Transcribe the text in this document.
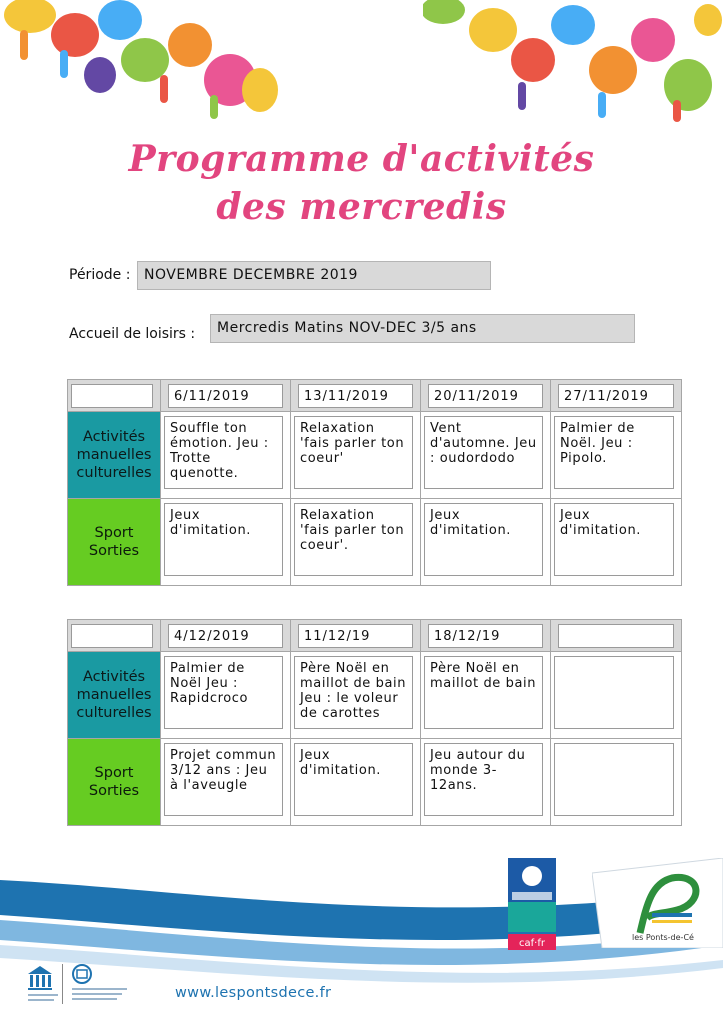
Programme d'activités
des mercredis
Période : NOVEMBRE DECEMBRE 2019
Accueil de loisirs :	Mercredis Matins NOV-DEC 3/5 ans

	6/11/2019	13/11/2019	20/11/2019	27/11/2019

Activités manuelles culturelles	Souffle ton émotion. Jeu : Trotte quenotte.	Relaxation 'fais parler ton coeur'	Vent d'automne. Jeu : oudordodo	Palmier de Noël. Jeu : Pipolo.

Sport Sorties	Jeux d'imitation.	Relaxation 'fais parler ton coeur'.	Jeux d'imitation.	Jeux d'imitation.

	4/12/2019	11/12/19	18/12/19	

Activités manuelles culturelles	Palmier de Noël Jeu : Rapidcroco	Père Noël en maillot de bain Jeu : le voleur de carottes	Père Noël en maillot de bain	

Sport Sorties	Projet commun 3/12 ans : Jeu à l'aveugle	Jeux d'imitation.	Jeu autour du monde 3-12ans.	

caf·fr
les Ponts-de-Cé
www.lespontsdece.fr
